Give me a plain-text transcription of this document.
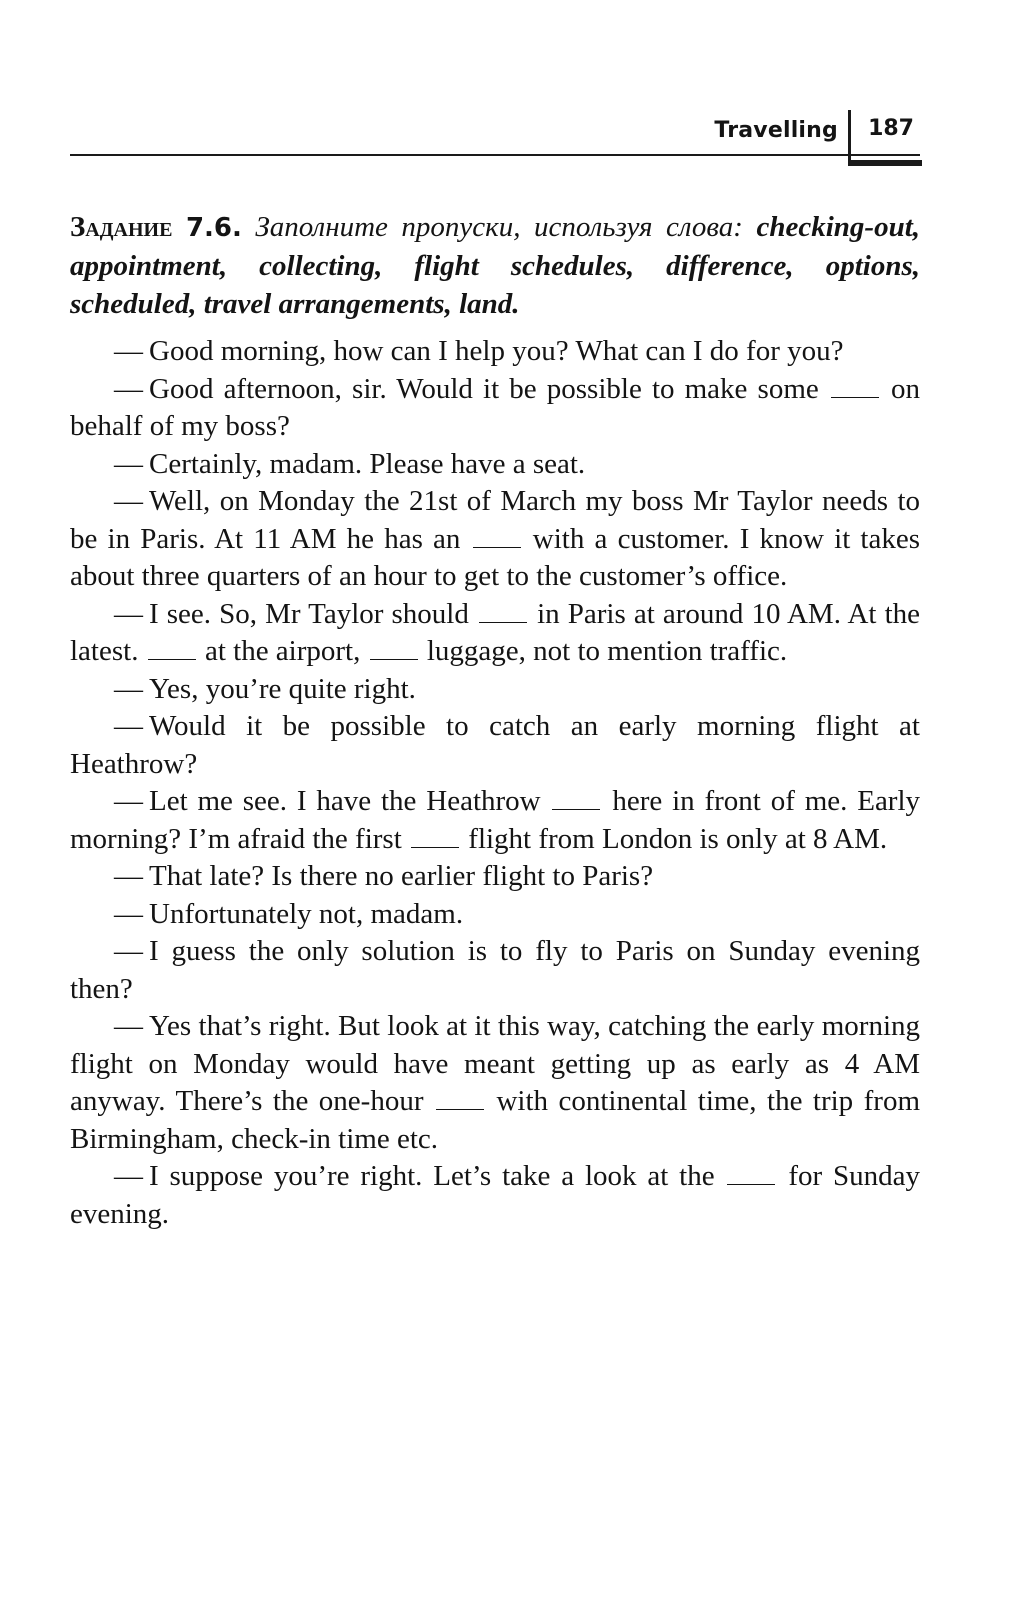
Travelling 187

Задание 7.6. Заполните пропуски, используя слова: checking-out, appointment, collecting, flight schedules, difference, options, scheduled, travel arrangements, land.

— Good morning, how can I help you? What can I do for you?

— Good afternoon, sir. Would it be possible to make some on behalf of my boss?

— Certainly, madam. Please have a seat.

— Well, on Monday the 21st of March my boss Mr Taylor needs to be in Paris. At 11 AM he has an with a customer. I know it takes about three quarters of an hour to get to the customer’s office.

— I see. So, Mr Taylor should in Paris at around 10 AM. At the latest. at the airport, luggage, not to mention traffic.

— Yes, you’re quite right.

— Would it be possible to catch an early morning flight at Heathrow?

— Let me see. I have the Heathrow here in front of me. Early morning? I’m afraid the first flight from London is only at 8 AM.

— That late? Is there no earlier flight to Paris?

— Unfortunately not, madam.

— I guess the only solution is to fly to Paris on Sunday evening then?

— Yes that’s right. But look at it this way, catching the early morning flight on Monday would have meant getting up as early as 4 AM anyway. There’s the one-hour	with continental time, the trip from Birmingham, check-in time etc.

— I suppose you’re right. Let’s take a look at the	for Sunday evening.
